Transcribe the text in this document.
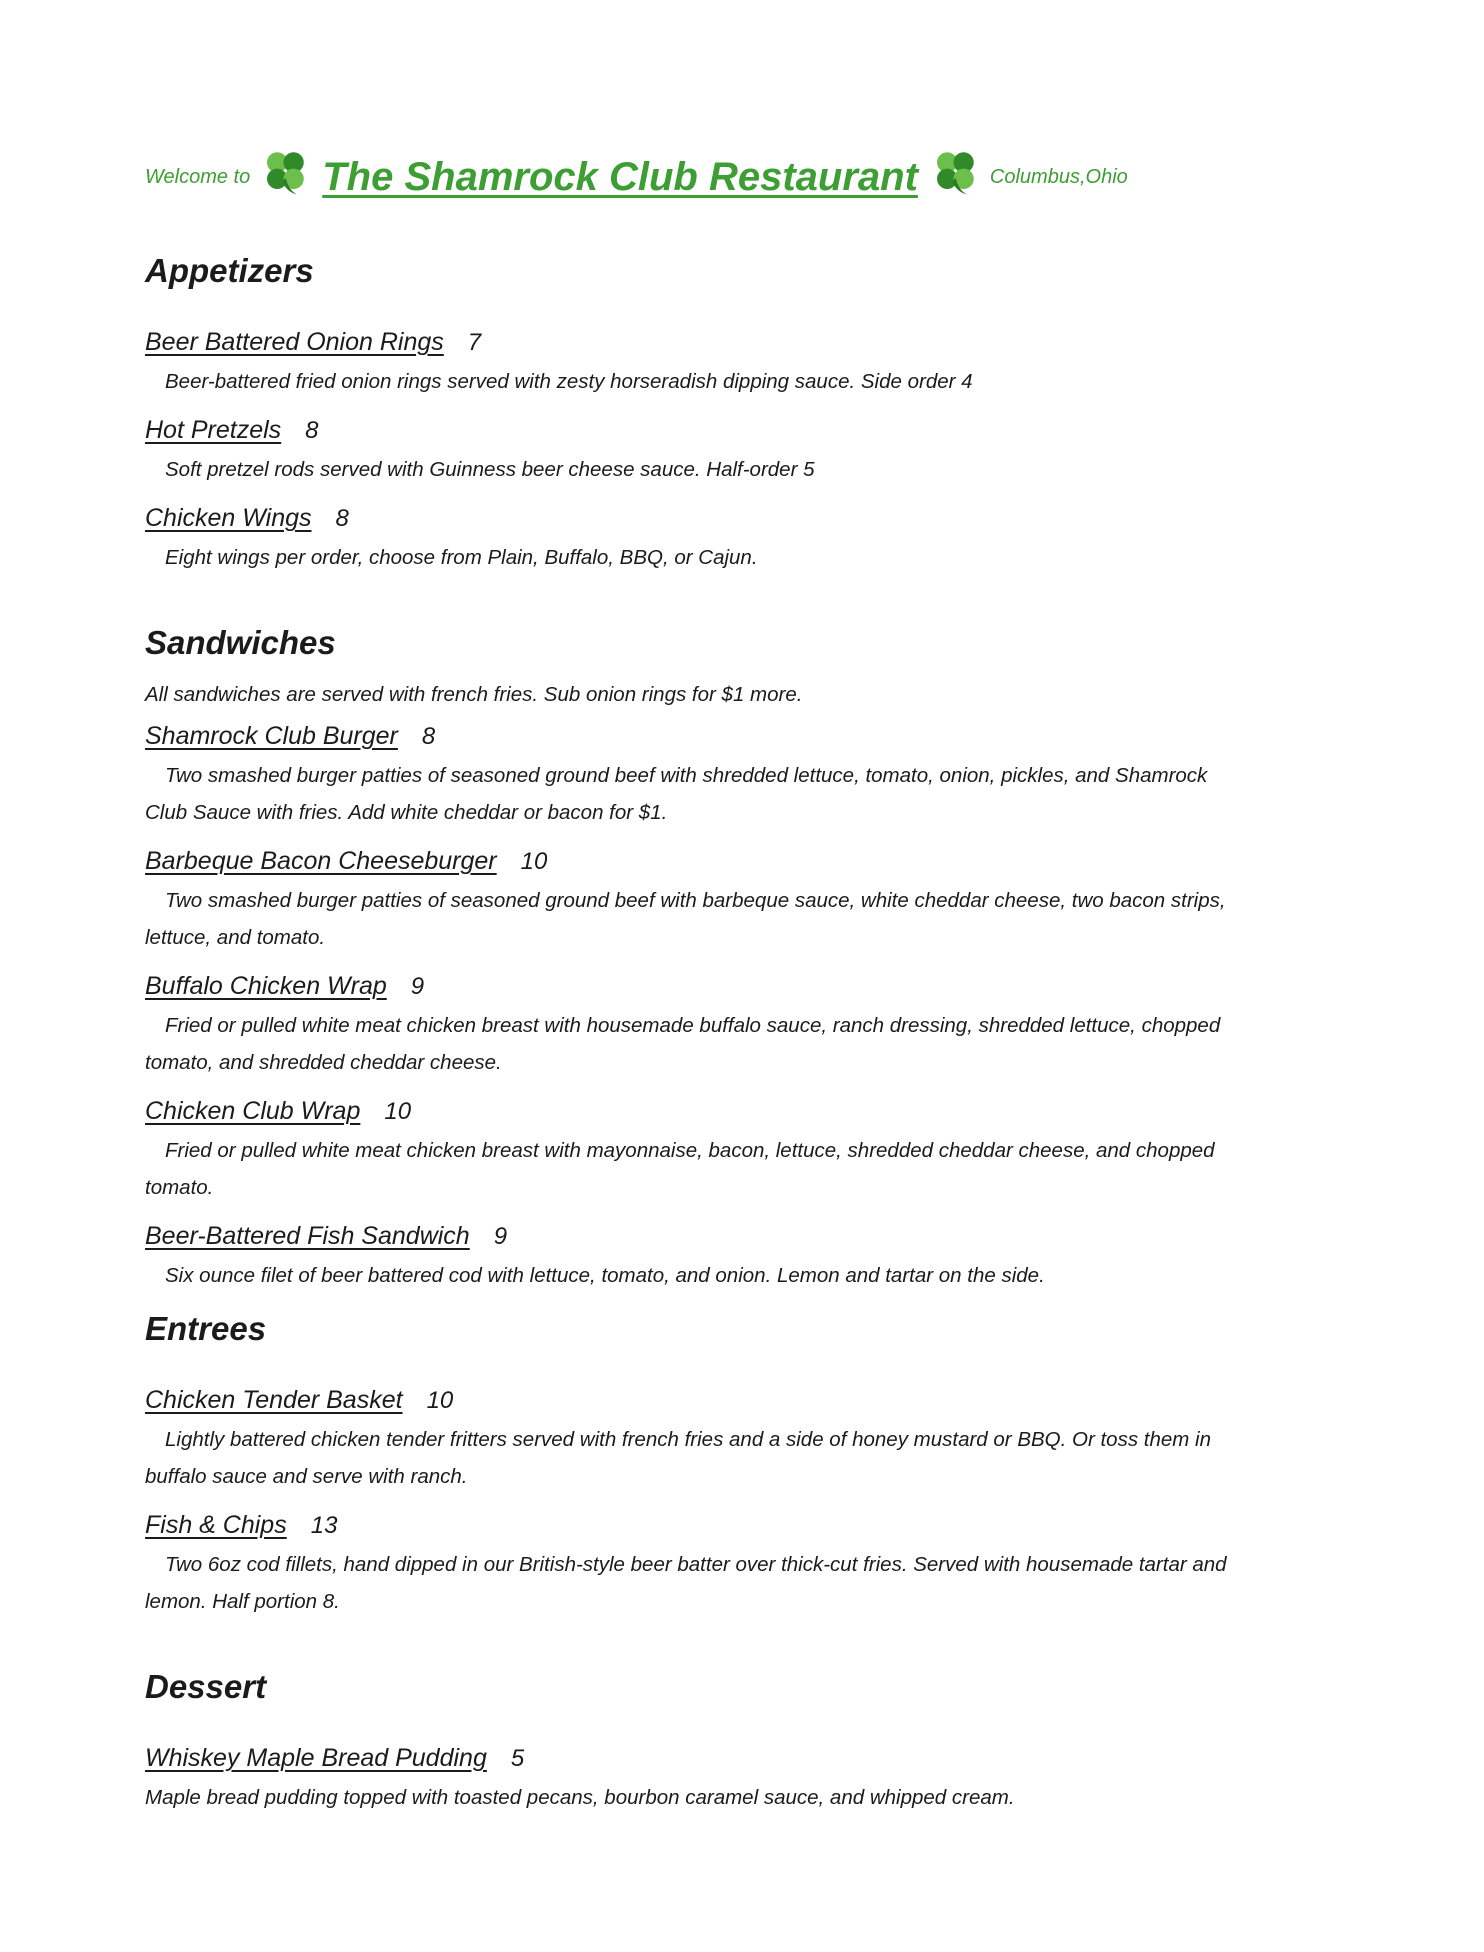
Welcome to The Shamrock Club Restaurant	Columbus,Ohio
Appetizers
Beer Battered Onion Rings 7

Beer-battered fried onion rings served with zesty horseradish dipping sauce. Side order 4

Hot Pretzels 8

Soft pretzel rods served with Guinness beer cheese sauce. Half-order 5

Chicken Wings 8

Eight wings per order, choose from Plain, Buffalo, BBQ, or Cajun.

Sandwiches

All sandwiches are served with french fries. Sub onion rings for $1 more.

Shamrock Club Burger 8

Two smashed burger patties of seasoned ground beef with shredded lettuce, tomato, onion, pickles, and Shamrock Club Sauce with fries. Add white cheddar or bacon for $1.

Barbeque Bacon Cheeseburger 10

Two smashed burger patties of seasoned ground beef with barbeque sauce, white cheddar cheese, two bacon strips, lettuce, and tomato.

Buffalo Chicken Wrap 9

Fried or pulled white meat chicken breast with housemade buffalo sauce, ranch dressing, shredded lettuce, chopped tomato, and shredded cheddar cheese.

Chicken Club Wrap 10

Fried or pulled white meat chicken breast with mayonnaise, bacon, lettuce, shredded cheddar cheese, and chopped tomato.

Beer-Battered Fish Sandwich 9

Six ounce filet of beer battered cod with lettuce, tomato, and onion. Lemon and tartar on the side.

Entrees
Chicken Tender Basket 10

Lightly battered chicken tender fritters served with french fries and a side of honey mustard or BBQ. Or toss them in buffalo sauce and serve with ranch.

Fish & Chips 13

Two 6oz cod fillets, hand dipped in our British-style beer batter over thick-cut fries. Served with housemade tartar and lemon. Half portion 8.

Dessert
Whiskey Maple Bread Pudding 5

Maple bread pudding topped with toasted pecans, bourbon caramel sauce, and whipped cream.
